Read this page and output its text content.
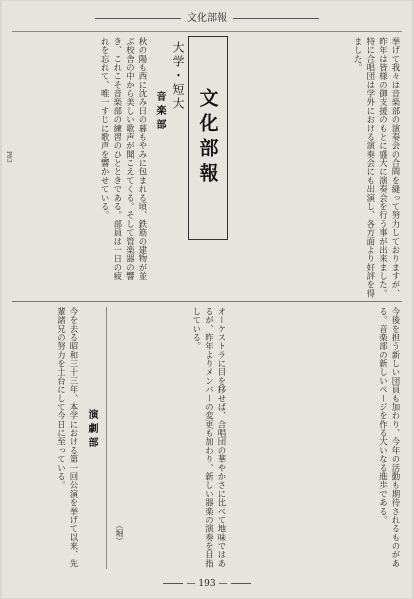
文化部報

挙げて我々は音楽部の演奏会の合間を縫って努力しておりますが、昨年は皆様の御支援のもとに盛大に演奏会を行う事が出来ました。特に合唱団は学外における演奏会にも出演し、各方面より好評を得ました。

文化部報
大学・短大
音楽部

秋の陽も西に沈み日の暮もやみに包まれる頃、鉄筋の建物が並ぶ校舎の中から美しい歌声が聞こえてくる。そして管楽器の響き、これこそ音楽部の練習のひとときである。部員は一日の疲れを忘れて、唯一すじに歌声を響かせている。

今後を担う新しい団員も加わり、今年の活動も期待されるものがある。音楽部の新しいページを作る大いなる進歩である。

オーケストラに目を移せば、合唱団の華やかさに比べて地味ではあるが、昨年よりメンバーの変更も加わり、新しい器楽の演奏を目指している。

演劇部

今を去る昭和三十三年、本学における第一回公演を挙げて以来、先輩諸兄の努力を土台にして今日に至っている。

（堀）
P83
— 193 —
